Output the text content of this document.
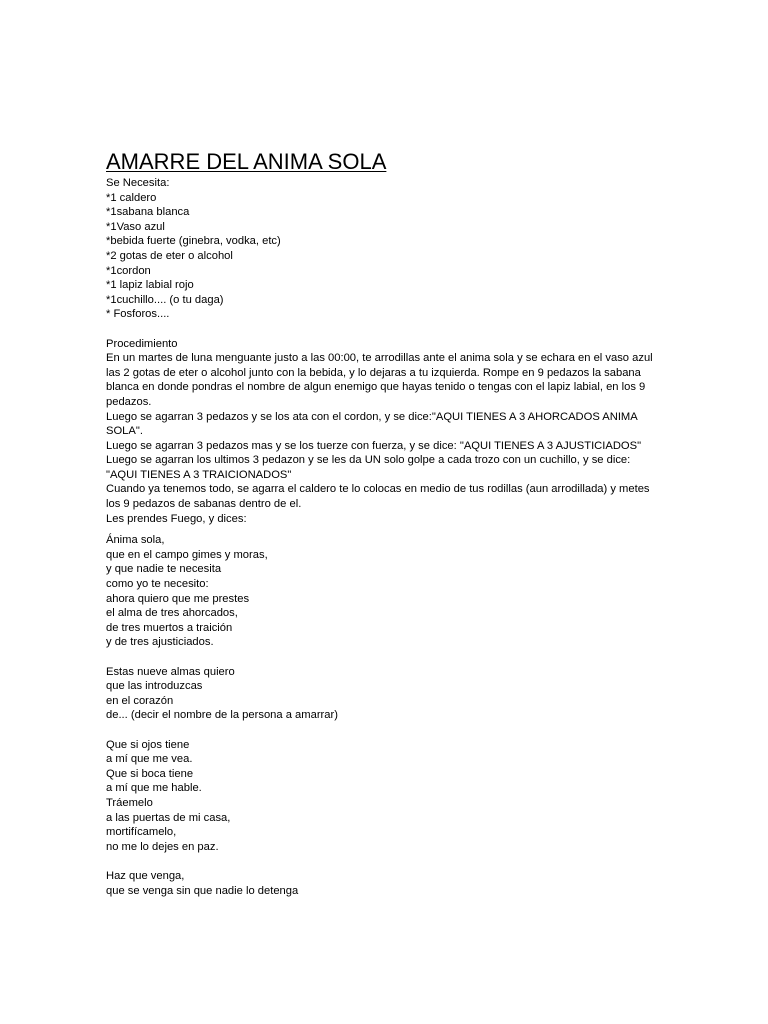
AMARRE DEL ANIMA SOLA

Se Necesita:

*1 caldero

*1sabana blanca

*1Vaso azul

*bebida fuerte (ginebra, vodka, etc)

*2 gotas de eter o alcohol

*1cordon

*1 lapiz labial rojo

*1cuchillo.... (o tu daga)

* Fosforos....

Procedimiento

En un martes de luna menguante justo a las 00:00, te arrodillas ante el anima sola y se echara en el vaso azul

las 2 gotas de eter o alcohol junto con la bebida, y lo dejaras a tu izquierda. Rompe en 9 pedazos la sabana

blanca en donde pondras el nombre de algun enemigo que hayas tenido o tengas con el lapiz labial, en los 9

pedazos.

Luego se agarran 3 pedazos y se los ata con el cordon, y se dice:"AQUI TIENES A 3 AHORCADOS ANIMA

SOLA".

Luego se agarran 3 pedazos mas y se los tuerze con fuerza, y se dice: "AQUI TIENES A 3 AJUSTICIADOS"

Luego se agarran los ultimos 3 pedazon y se les da UN solo golpe a cada trozo con un cuchillo, y se dice:

"AQUI TIENES A 3 TRAICIONADOS"

Cuando ya tenemos todo, se agarra el caldero te lo colocas en medio de tus rodillas (aun arrodillada) y metes

los 9 pedazos de sabanas dentro de el.

Les prendes Fuego, y dices:

Ánima sola,

que en el campo gimes y moras,

y que nadie te necesita

como yo te necesito:

ahora quiero que me prestes

el alma de tres ahorcados,

de tres muertos a traición

y de tres ajusticiados.

Estas nueve almas quiero

que las introduzcas

en el corazón

de... (decir el nombre de la persona a amarrar)

Que si ojos tiene

a mí que me vea.

Que si boca tiene

a mí que me hable.

Tráemelo

a las puertas de mi casa,

mortifícamelo,

no me lo dejes en paz.

Haz que venga,

que se venga sin que nadie lo detenga
